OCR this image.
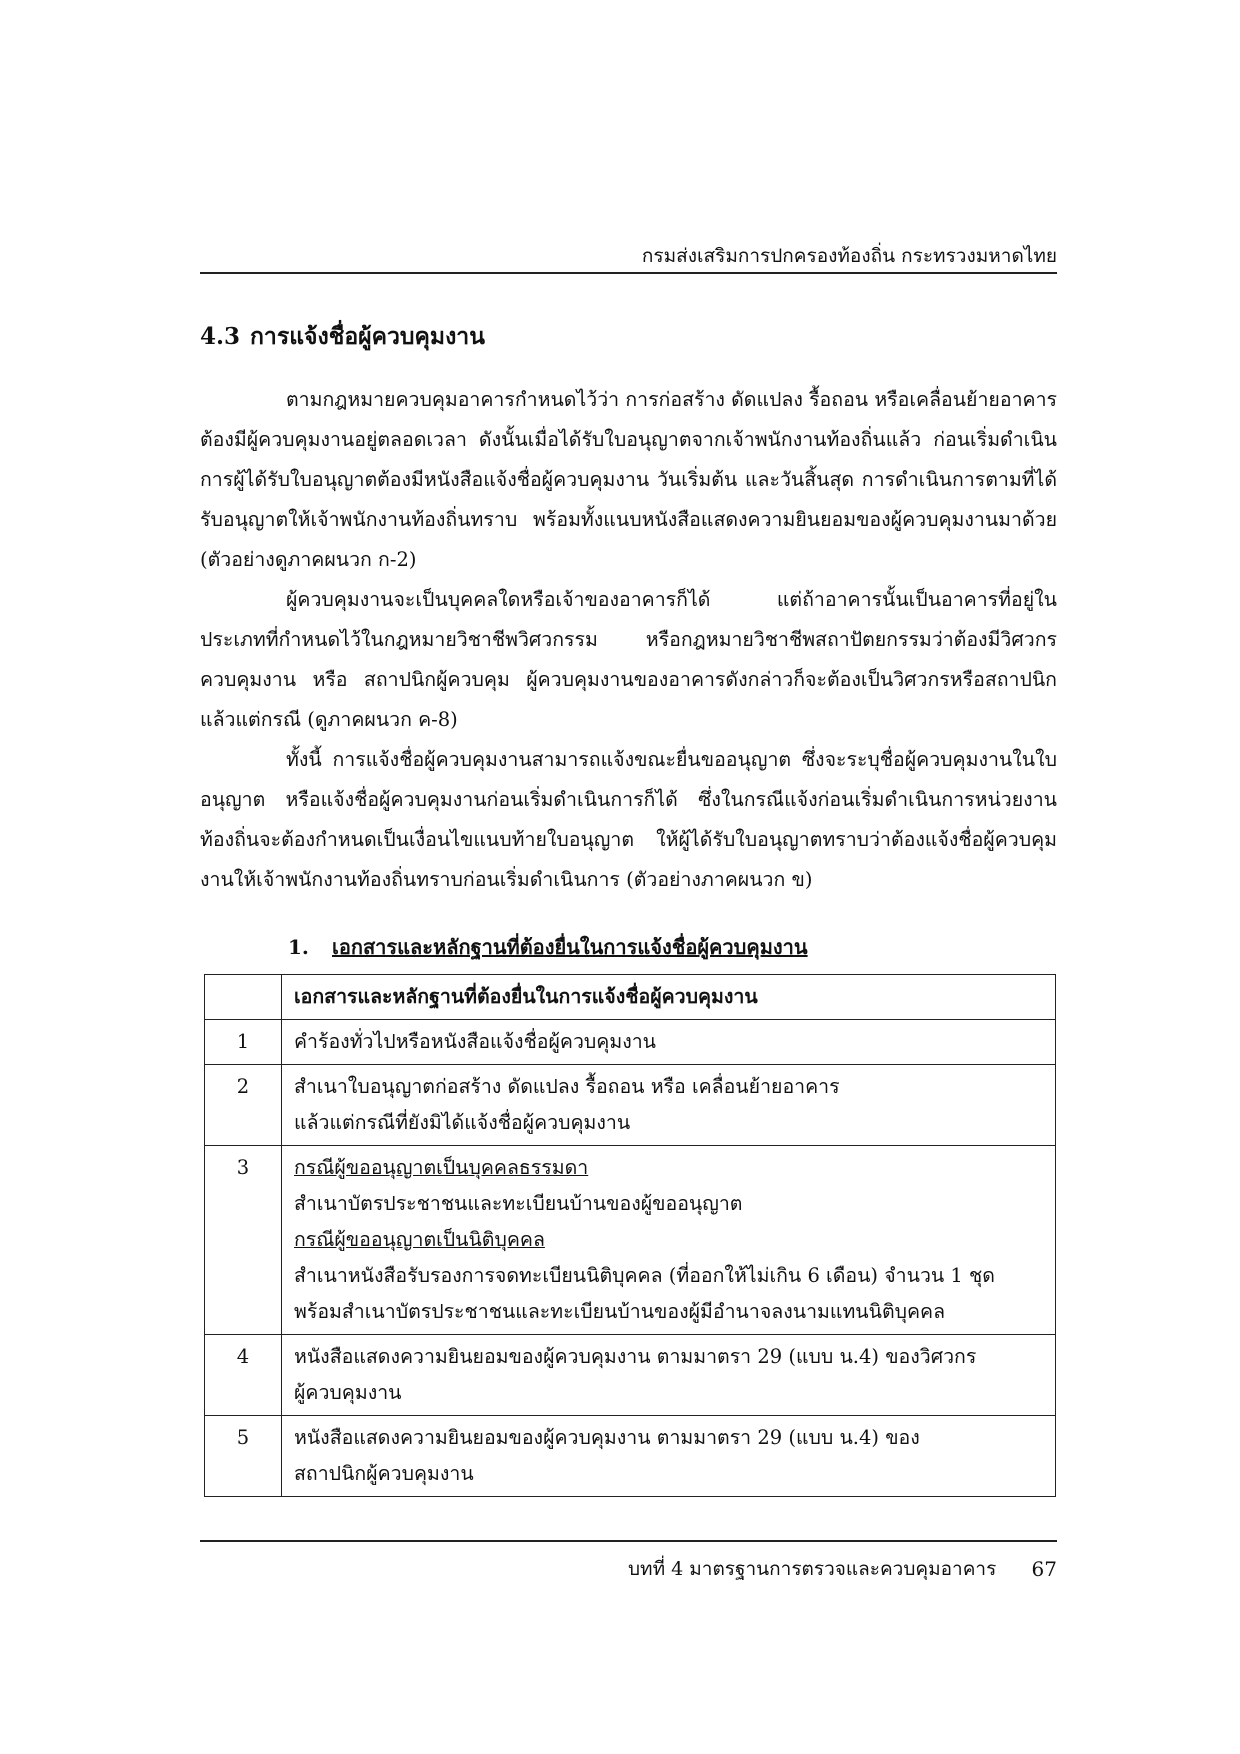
กรมส่งเสริมการปกครองท้องถิ่น กระทรวงมหาดไทย
4.3 การแจ้งชื่อผู้ควบคุมงาน

ตามกฎหมายควบคุมอาคารกำหนดไว้ว่า การก่อสร้าง ดัดแปลง รื้อถอน หรือเคลื่อนย้ายอาคาร ต้องมีผู้ควบคุมงานอยู่ตลอดเวลา ดังนั้นเมื่อได้รับใบอนุญาตจากเจ้าพนักงานท้องถิ่นแล้ว ก่อนเริ่มดำเนินการผู้ได้รับใบอนุญาตต้องมีหนังสือแจ้งชื่อผู้ควบคุมงาน วันเริ่มต้น และวันสิ้นสุด การดำเนินการตามที่ได้รับอนุญาตให้เจ้าพนักงานท้องถิ่นทราบ พร้อมทั้งแนบหนังสือแสดงความยินยอมของผู้ควบคุมงานมาด้วย (ตัวอย่างดูภาคผนวก ก-2)

ผู้ควบคุมงานจะเป็นบุคคลใดหรือเจ้าของอาคารก็ได้ แต่ถ้าอาคารนั้นเป็นอาคารที่อยู่ในประเภทที่กำหนดไว้ในกฎหมายวิชาชีพวิศวกรรม หรือกฎหมายวิชาชีพสถาปัตยกรรมว่าต้องมีวิศวกรควบคุมงาน หรือ สถาปนิกผู้ควบคุม ผู้ควบคุมงานของอาคารดังกล่าวก็จะต้องเป็นวิศวกรหรือสถาปนิก แล้วแต่กรณี (ดูภาคผนวก ค-8)

ทั้งนี้ การแจ้งชื่อผู้ควบคุมงานสามารถแจ้งขณะยื่นขออนุญาต ซึ่งจะระบุชื่อผู้ควบคุมงานในใบอนุญาต หรือแจ้งชื่อผู้ควบคุมงานก่อนเริ่มดำเนินการก็ได้ ซึ่งในกรณีแจ้งก่อนเริ่มดำเนินการหน่วยงานท้องถิ่นจะต้องกำหนดเป็นเงื่อนไขแนบท้ายใบอนุญาต ให้ผู้ได้รับใบอนุญาตทราบว่าต้องแจ้งชื่อผู้ควบคุมงานให้เจ้าพนักงานท้องถิ่นทราบก่อนเริ่มดำเนินการ (ตัวอย่างภาคผนวก ข)

1. เอกสารและหลักฐานที่ต้องยื่นในการแจ้งชื่อผู้ควบคุมงาน

	เอกสารและหลักฐานที่ต้องยื่นในการแจ้งชื่อผู้ควบคุมงาน
1	คำร้องทั่วไปหรือหนังสือแจ้งชื่อผู้ควบคุมงาน

2	สำเนาใบอนุญาตก่อสร้าง ดัดแปลง รื้อถอน หรือ เคลื่อนย้ายอาคาร
แล้วแต่กรณีที่ยังมิได้แจ้งชื่อผู้ควบคุมงาน

3	กรณีผู้ขออนุญาตเป็นบุคคลธรรมดา
สำเนาบัตรประชาชนและทะเบียนบ้านของผู้ขออนุญาต
กรณีผู้ขออนุญาตเป็นนิติบุคคล
สำเนาหนังสือรับรองการจดทะเบียนนิติบุคคล (ที่ออกให้ไม่เกิน 6 เดือน) จำนวน 1 ชุด
พร้อมสำเนาบัตรประชาชนและทะเบียนบ้านของผู้มีอำนาจลงนามแทนนิติบุคคล

4	หนังสือแสดงความยินยอมของผู้ควบคุมงาน ตามมาตรา 29 (แบบ น.4) ของวิศวกร
ผู้ควบคุมงาน

5	หนังสือแสดงความยินยอมของผู้ควบคุมงาน ตามมาตรา 29 (แบบ น.4) ของ
สถาปนิกผู้ควบคุมงาน
บทที่ 4 มาตรฐานการตรวจและควบคุมอาคาร 67
